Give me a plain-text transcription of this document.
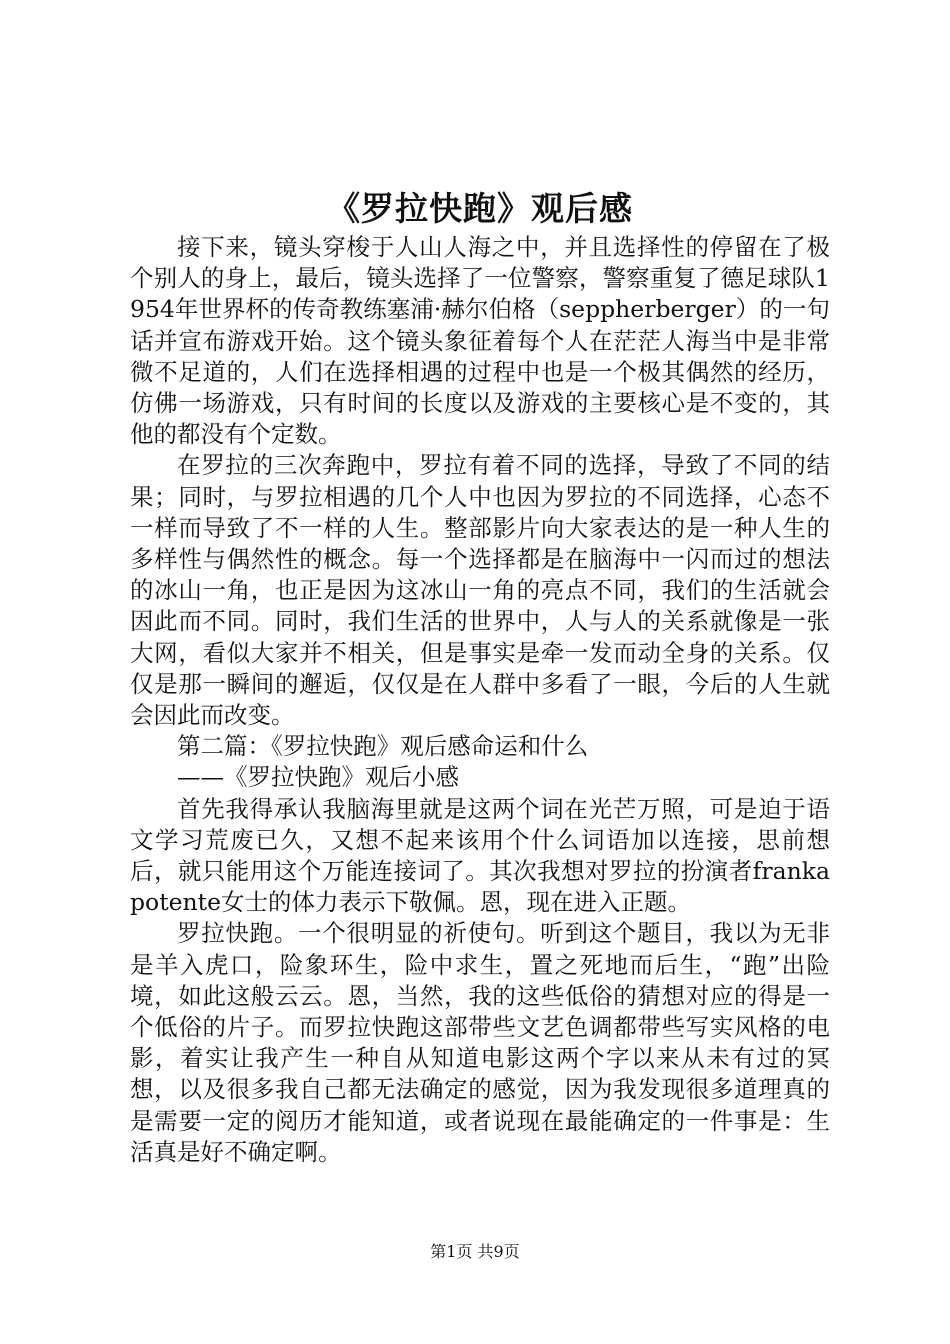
《罗拉快跑》观后感

接下来，镜头穿梭于人山人海之中，并且选择性的停留在了极个别人的身上，最后，镜头选择了一位警察，警察重复了德足球队1954年世界杯的传奇教练塞浦·赫尔伯格（seppherberger）的一句话并宣布游戏开始。这个镜头象征着每个人在茫茫人海当中是非常微不足道的，人们在选择相遇的过程中也是一个极其偶然的经历，仿佛一场游戏，只有时间的长度以及游戏的主要核心是不变的，其他的都没有个定数。

在罗拉的三次奔跑中，罗拉有着不同的选择，导致了不同的结果；同时，与罗拉相遇的几个人中也因为罗拉的不同选择，心态不一样而导致了不一样的人生。整部影片向大家表达的是一种人生的多样性与偶然性的概念。每一个选择都是在脑海中一闪而过的想法的冰山一角，也正是因为这冰山一角的亮点不同，我们的生活就会因此而不同。同时，我们生活的世界中，人与人的关系就像是一张大网，看似大家并不相关，但是事实是牵一发而动全身的关系。仅仅是那一瞬间的邂逅，仅仅是在人群中多看了一眼，今后的人生就会因此而改变。

第二篇：《罗拉快跑》观后感命运和什么

——《罗拉快跑》观后小感

首先我得承认我脑海里就是这两个词在光芒万照，可是迫于语文学习荒废已久，又想不起来该用个什么词语加以连接，思前想后，就只能用这个万能连接词了。其次我想对罗拉的扮演者frankapotente女士的体力表示下敬佩。恩，现在进入正题。

罗拉快跑。一个很明显的祈使句。听到这个题目，我以为无非是羊入虎口，险象环生，险中求生，置之死地而后生，“跑”出险境，如此这般云云。恩，当然，我的这些低俗的猜想对应的得是一个低俗的片子。而罗拉快跑这部带些文艺色调都带些写实风格的电影，着实让我产生一种自从知道电影这两个字以来从未有过的冥想，以及很多我自己都无法确定的感觉，因为我发现很多道理真的是需要一定的阅历才能知道，或者说现在最能确定的一件事是：生活真是好不确定啊。

第1页 共9页
